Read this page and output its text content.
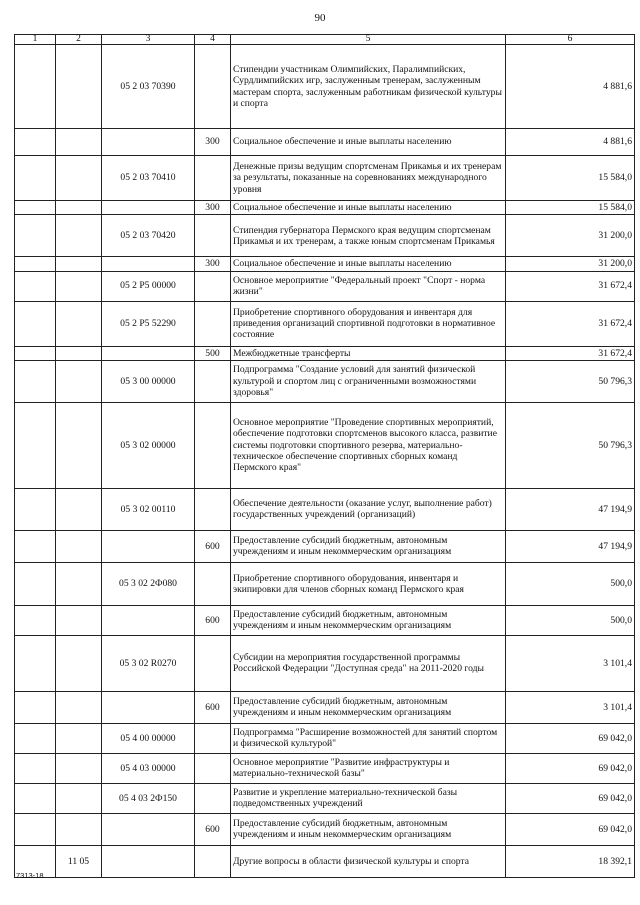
90
1	2	3	4	5	6
		05 2 03 70390		Стипендии участникам Олимпийских, Паралимпийских, Сурдлимпийских игр, заслуженным тренерам, заслуженным мастерам спорта, заслуженным работникам физической культуры и спорта	4 881,6
			300	Социальное обеспечение и иные выплаты населению	4 881,6
		05 2 03 70410		Денежные призы ведущим спортсменам Прикамья и их тренерам за результаты, показанные на соревнованиях международного уровня	15 584,0
			300	Социальное обеспечение и иные выплаты населению	15 584,0
		05 2 03 70420		Стипендия губернатора Пермского края ведущим спортсменам Прикамья и их тренерам, а также юным спортсменам Прикамья	31 200,0
			300	Социальное обеспечение и иные выплаты населению	31 200,0
		05 2 Р5 00000		Основное мероприятие "Федеральный проект "Спорт - норма жизни"	31 672,4
		05 2 Р5 52290		Приобретение спортивного оборудования и инвентаря для приведения организаций спортивной подготовки в нормативное состояние	31 672,4
			500	Межбюджетные трансферты	31 672,4
		05 3 00 00000		Подпрограмма "Создание условий для занятий физической культурой и спортом лиц с ограниченными возможностями здоровья"	50 796,3
		05 3 02 00000		Основное мероприятие "Проведение спортивных мероприятий, обеспечение подготовки спортсменов высокого класса, развитие системы подготовки спортивного резерва, материально-техническое обеспечение спортивных сборных команд Пермского края"	50 796,3
		05 3 02 00110		Обеспечение деятельности (оказание услуг, выполнение работ) государственных учреждений (организаций)	47 194,9
			600	Предоставление субсидий бюджетным, автономным учреждениям и иным некоммерческим организациям	47 194,9
		05 3 02 2Ф080		Приобретение спортивного оборудования, инвентаря и экипировки для членов сборных команд Пермского края	500,0
			600	Предоставление субсидий бюджетным, автономным учреждениям и иным некоммерческим организациям	500,0
		05 3 02 R0270		Субсидии на мероприятия государственной программы Российской Федерации "Доступная среда" на 2011-2020 годы	3 101,4
			600	Предоставление субсидий бюджетным, автономным учреждениям и иным некоммерческим организациям	3 101,4
		05 4 00 00000		Подпрограмма "Расширение возможностей для занятий спортом и физической культурой"	69 042,0
		05 4 03 00000		Основное мероприятие "Развитие инфраструктуры и материально-технической базы"	69 042,0
		05 4 03 2Ф150		Развитие и укрепление материально-технической базы подведомственных учреждений	69 042,0
			600	Предоставление субсидий бюджетным, автономным учреждениям и иным некоммерческим организациям	69 042,0
	11 05			Другие вопросы в области физической культуры и спорта	18 392,1
7313-18
